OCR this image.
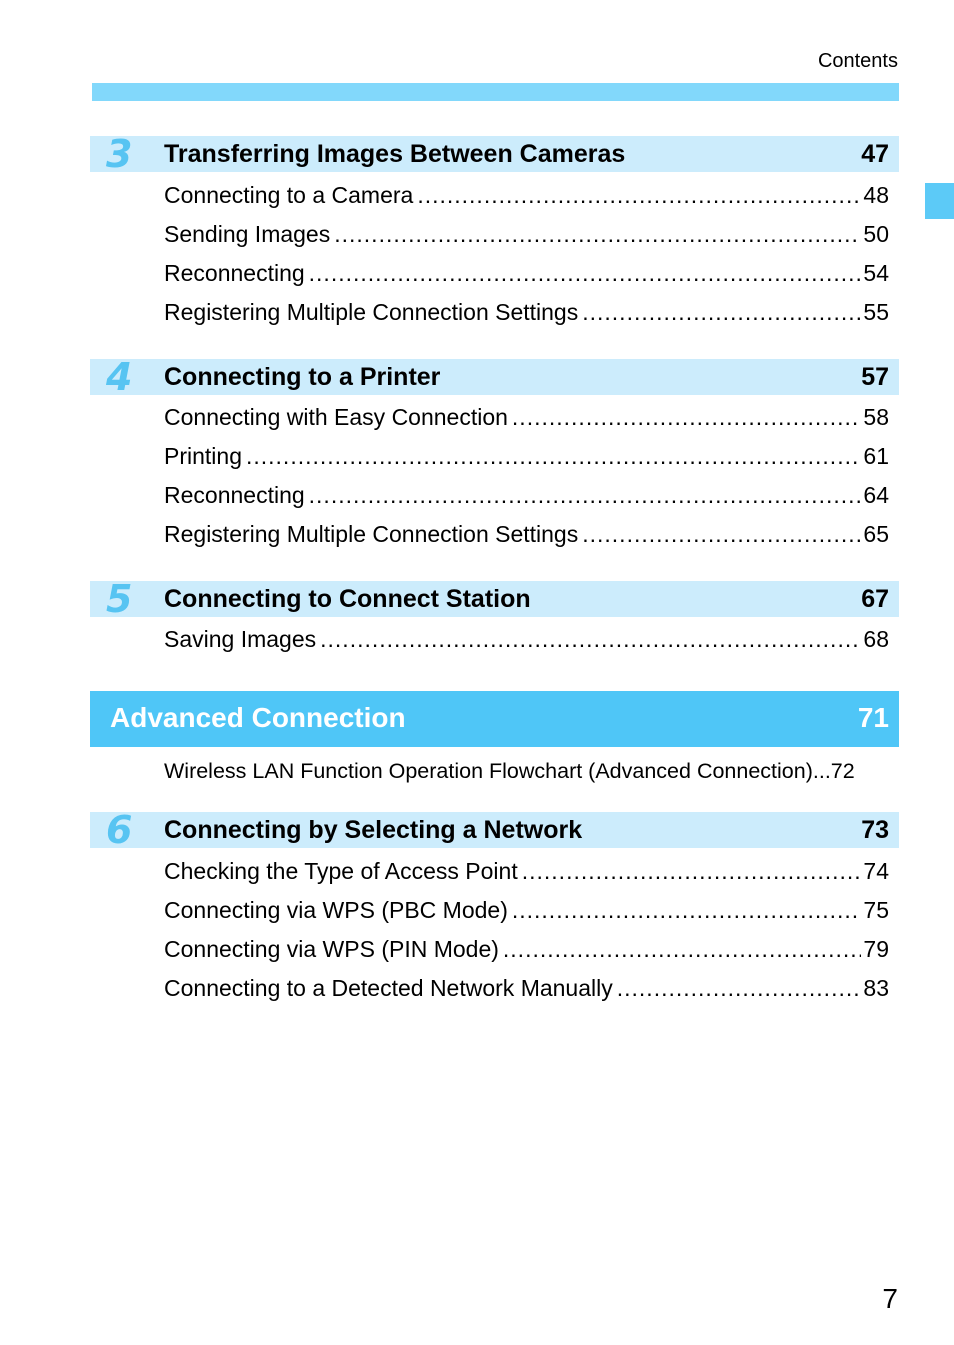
Contents
3 Transferring Images Between Cameras	47
Connecting to a Camera .....	48
Sending Images .....	50
Reconnecting .....	54
Registering Multiple Connection Settings .....	55
4 Connecting to a Printer	57
Connecting with Easy Connection .....	58
Printing .....	61
Reconnecting .....	64
Registering Multiple Connection Settings .....	65
5 Connecting to Connect Station	67
Saving Images .....	68
Advanced Connection	71
Wireless LAN Function Operation Flowchart (Advanced Connection)...72
6 Connecting by Selecting a Network	73
Checking the Type of Access Point .....	74
Connecting via WPS (PBC Mode) .....	75
Connecting via WPS (PIN Mode) .....	79
Connecting to a Detected Network Manually .....	83
7
